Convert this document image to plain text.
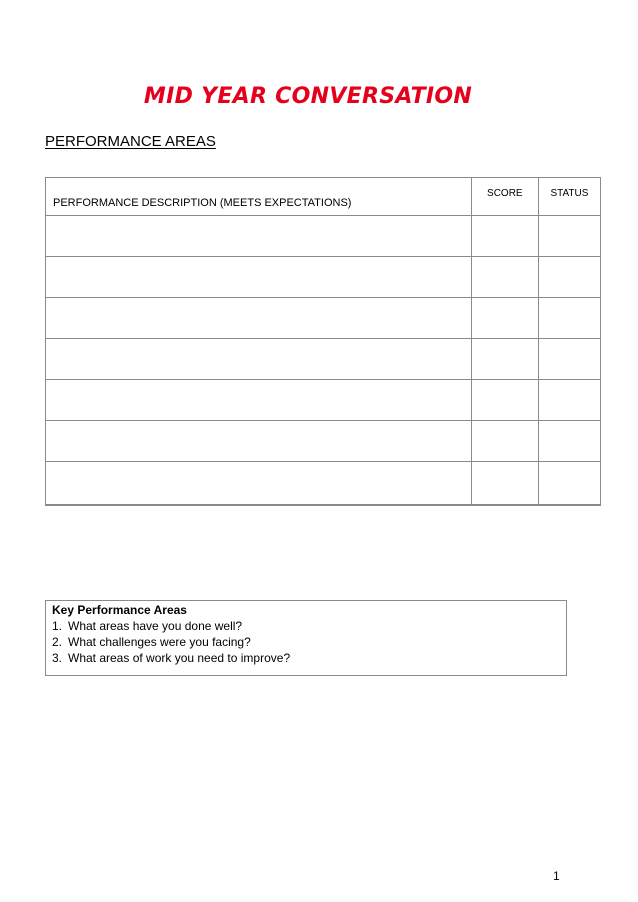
MID YEAR CONVERSATION
PERFORMANCE AREAS
PERFORMANCE DESCRIPTION (MEETS EXPECTATIONS)	SCORE	STATUS

Key Performance Areas
1. What areas have you done well?
2. What challenges were you facing?
3. What areas of work you need to improve?
1
